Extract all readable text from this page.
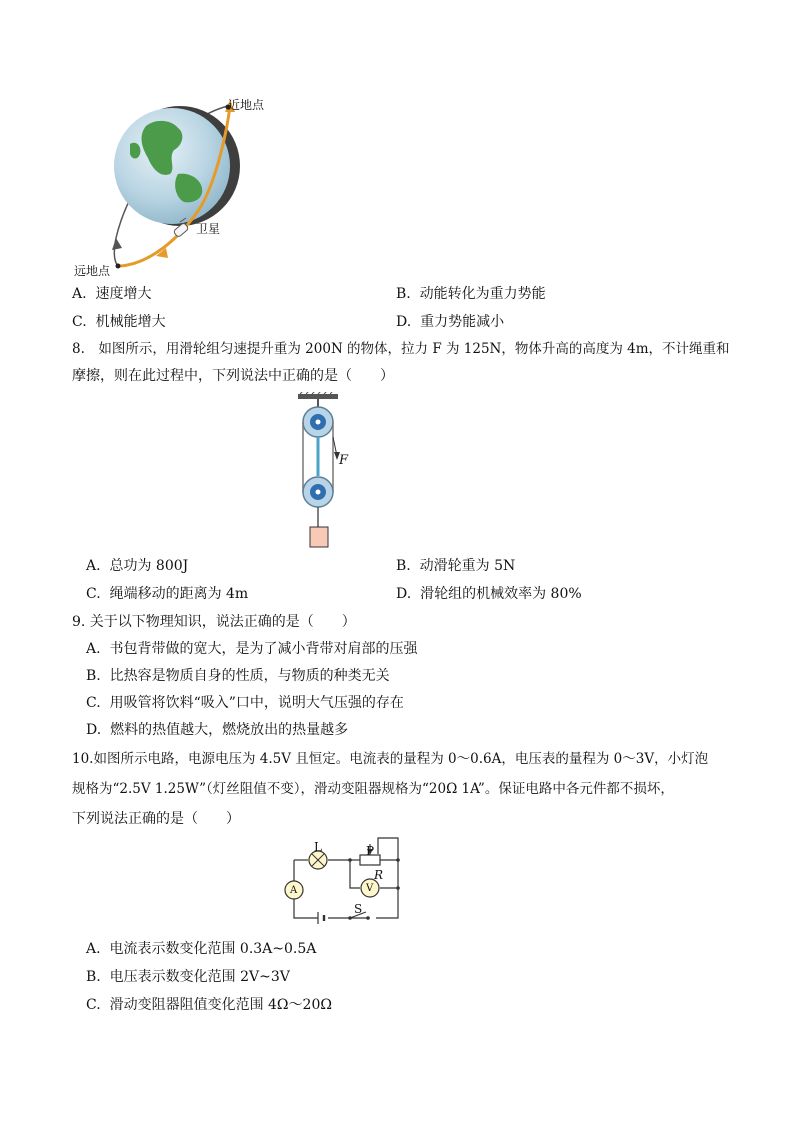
近地点
卫星
远地点
A. 速度增大	B. 动能转化为重力势能
C. 机械能增大	D. 重力势能减小
8.　如图所示，用滑轮组匀速提升重为 200N 的物体，拉力 F 为 125N，物体升高的高度为 4m，不计绳重和
摩擦，则在此过程中，下列说法中正确的是（　　）
F
A. 总功为 800J	B. 动滑轮重为 5N
C. 绳端移动的距离为 4m	D. 滑轮组的机械效率为 80%
9. 关于以下物理知识，说法正确的是（　　）
A. 书包背带做的宽大，是为了减小背带对肩部的压强
B. 比热容是物质自身的性质，与物质的种类无关
C. 用吸管将饮料“吸入”口中，说明大气压强的存在
D. 燃料的热值越大，燃烧放出的热量越多
10.如图所示电路，电源电压为 4.5V 且恒定。电流表的量程为 0～0.6A，电压表的量程为 0～3V，小灯泡
规格为“2.5V 1.25W”（灯丝阻值不变），滑动变阻器规格为“20Ω 1A”。保证电路中各元件都不损坏，
下列说法正确的是（　　）
L	P
R
A	V
S
A. 电流表示数变化范围 0.3A~0.5A
B. 电压表示数变化范围 2V~3V
C. 滑动变阻器阻值变化范围 4Ω～20Ω
